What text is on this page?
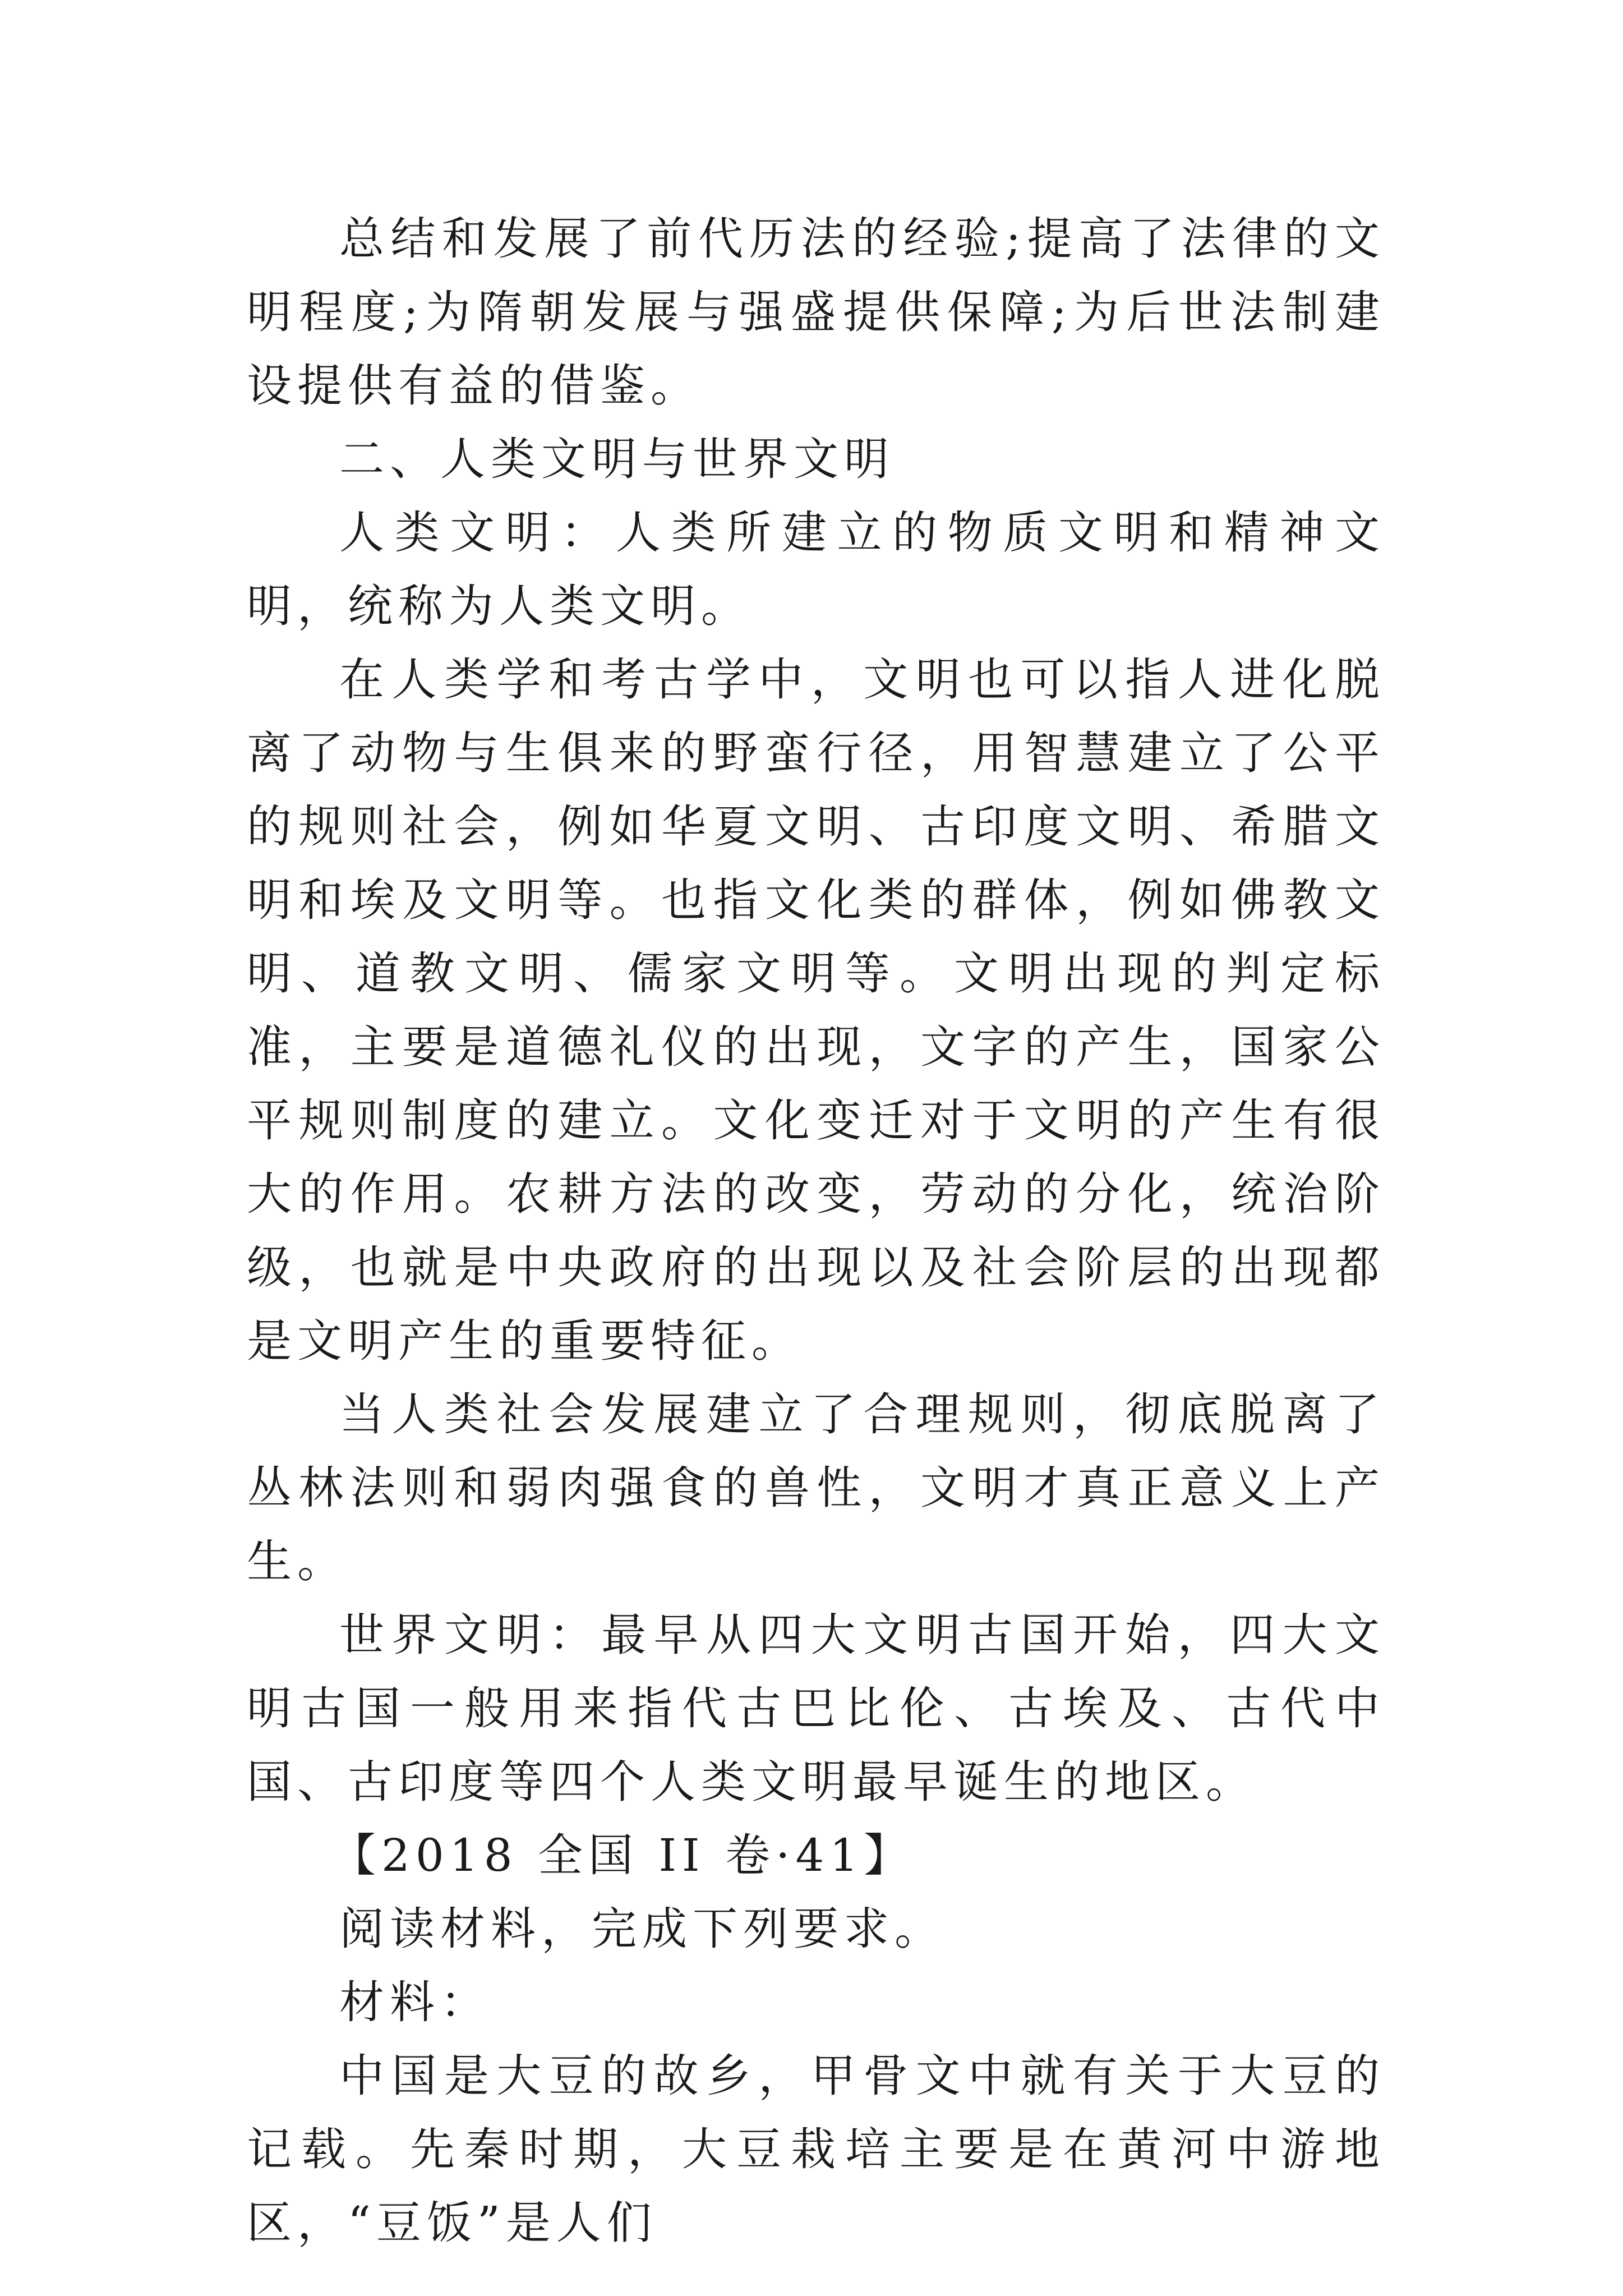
总结和发展了前代历法的经验;提高了法律的文明程度;为隋朝发展与强盛提供保障;为后世法制建设提供有益的借鉴。

二、人类文明与世界文明

人类文明：人类所建立的物质文明和精神文明，统称为人类文明。

在人类学和考古学中，文明也可以指人进化脱离了动物与生俱来的野蛮行径，用智慧建立了公平的规则社会，例如华夏文明、古印度文明、希腊文明和埃及文明等。也指文化类的群体，例如佛教文明、道教文明、儒家文明等。文明出现的判定标准，主要是道德礼仪的出现，文字的产生，国家公平规则制度的建立。文化变迁对于文明的产生有很大的作用。农耕方法的改变，劳动的分化，统治阶级，也就是中央政府的出现以及社会阶层的出现都是文明产生的重要特征。

当人类社会发展建立了合理规则，彻底脱离了丛林法则和弱肉强食的兽性，文明才真正意义上产生。

世界文明：最早从四大文明古国开始，四大文明古国一般用来指代古巴比伦、古埃及、古代中国、古印度等四个人类文明最早诞生的地区。

【2018 全国 II 卷·41】

阅读材料，完成下列要求。

材料：

中国是大豆的故乡，甲骨文中就有关于大豆的记载。先秦时期，大豆栽培主要是在黄河中游地区，“豆饭”是人们
